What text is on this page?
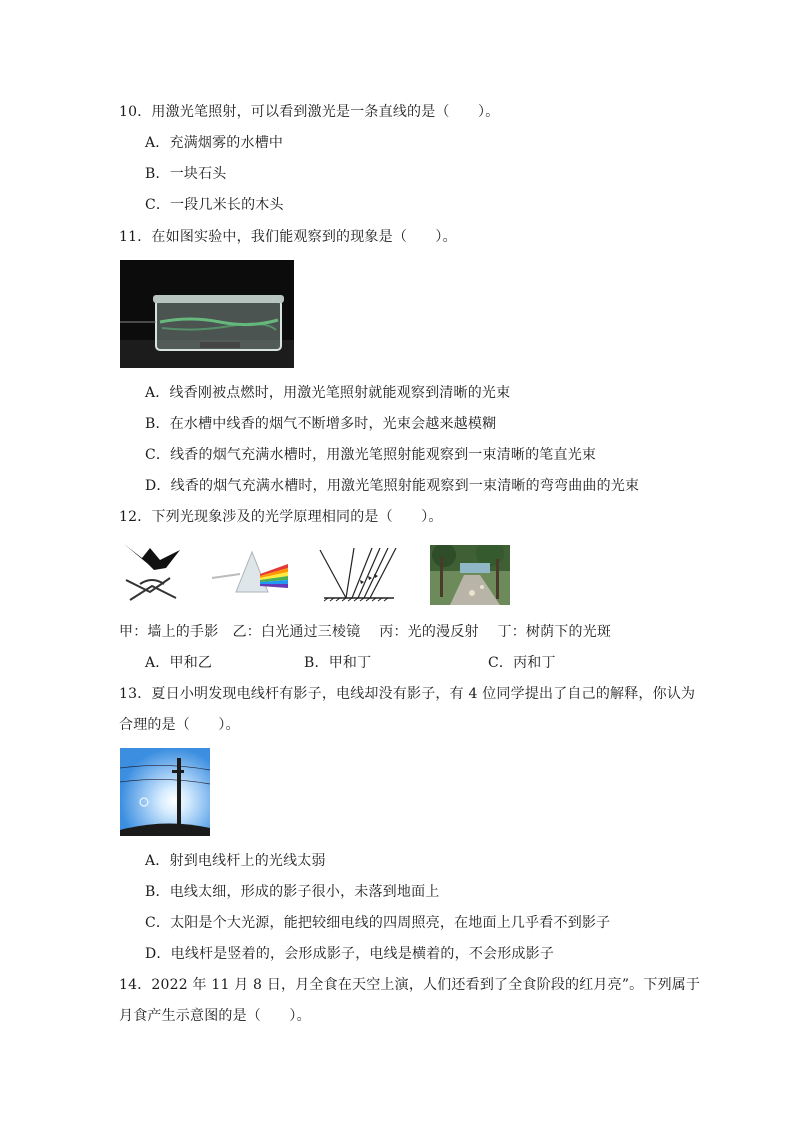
10．用激光笔照射，可以看到激光是一条直线的是（　　）。
A．充满烟雾的水槽中
B．一块石头
C．一段几米长的木头
11．在如图实验中，我们能观察到的现象是（　　）。
A．线香刚被点燃时，用激光笔照射就能观察到清晰的光束
B．在水槽中线香的烟气不断增多时，光束会越来越模糊
C．线香的烟气充满水槽时，用激光笔照射能观察到一束清晰的笔直光束
D．线香的烟气充满水槽时，用激光笔照射能观察到一束清晰的弯弯曲曲的光束
12．下列光现象涉及的光学原理相同的是（　　）。
甲：墙上的手影　乙：白光通过三棱镜　 丙：光的漫反射　 丁：树荫下的光斑
A．甲和乙	B．甲和丁	C．丙和丁
13．夏日小明发现电线杆有影子，电线却没有影子，有 4 位同学提出了自己的解释，你认为
合理的是（　　）。
A．射到电线杆上的光线太弱
B．电线太细，形成的影子很小，未落到地面上
C．太阳是个大光源，能把较细电线的四周照亮，在地面上几乎看不到影子
D．电线杆是竖着的，会形成影子，电线是横着的，不会形成影子
14．2022 年 11 月 8 日，月全食在天空上演，人们还看到了全食阶段的红月亮”。下列属于
月食产生示意图的是（　　）。
